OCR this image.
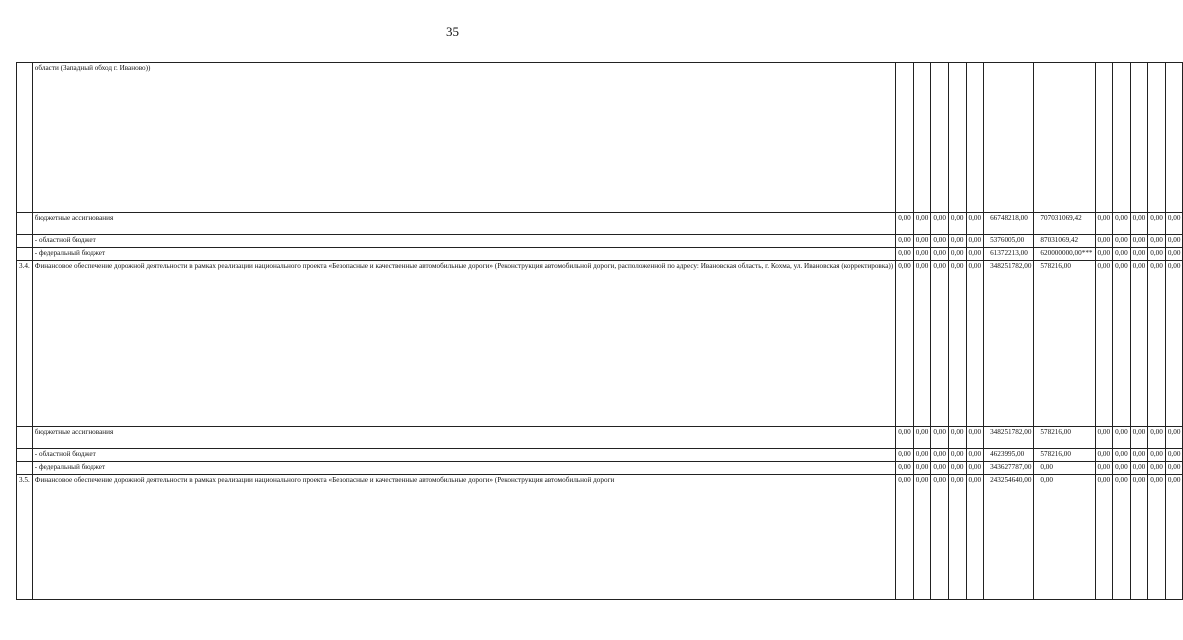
35
	области (Западный обход г. Иваново))												
	бюджетные ассигнования	0,00	0,00	0,00	0,00	0,00	66748218,00	707031069,42	0,00	0,00	0,00	0,00	0,00
	- областной бюджет	0,00	0,00	0,00	0,00	0,00	5376005,00	87031069,42	0,00	0,00	0,00	0,00	0,00
	- федеральный бюджет	0,00	0,00	0,00	0,00	0,00	61372213,00	620000000,00***	0,00	0,00	0,00	0,00	0,00
3.4.	Финансовое обеспечение дорожной деятельности в рамках реализации национального проекта «Безопасные и качественные автомобильные дороги» (Реконструкция автомобильной дороги, расположенной по адресу: Ивановская область, г. Кохма, ул. Ивановская (корректировка))	0,00	0,00	0,00	0,00	0,00	348251782,00	578216,00	0,00	0,00	0,00	0,00	0,00
	бюджетные ассигнования	0,00	0,00	0,00	0,00	0,00	348251782,00	578216,00	0,00	0,00	0,00	0,00	0,00
	- областной бюджет	0,00	0,00	0,00	0,00	0,00	4623995,00	578216,00	0,00	0,00	0,00	0,00	0,00
	- федеральный бюджет	0,00	0,00	0,00	0,00	0,00	343627787,00	0,00	0,00	0,00	0,00	0,00	0,00
3.5.	Финансовое обеспечение дорожной деятельности в рамках реализации национального проекта «Безопасные и качественные автомобильные дороги» (Реконструкция автомобильной дороги	0,00	0,00	0,00	0,00	0,00	243254640,00	0,00	0,00	0,00	0,00	0,00	0,00
